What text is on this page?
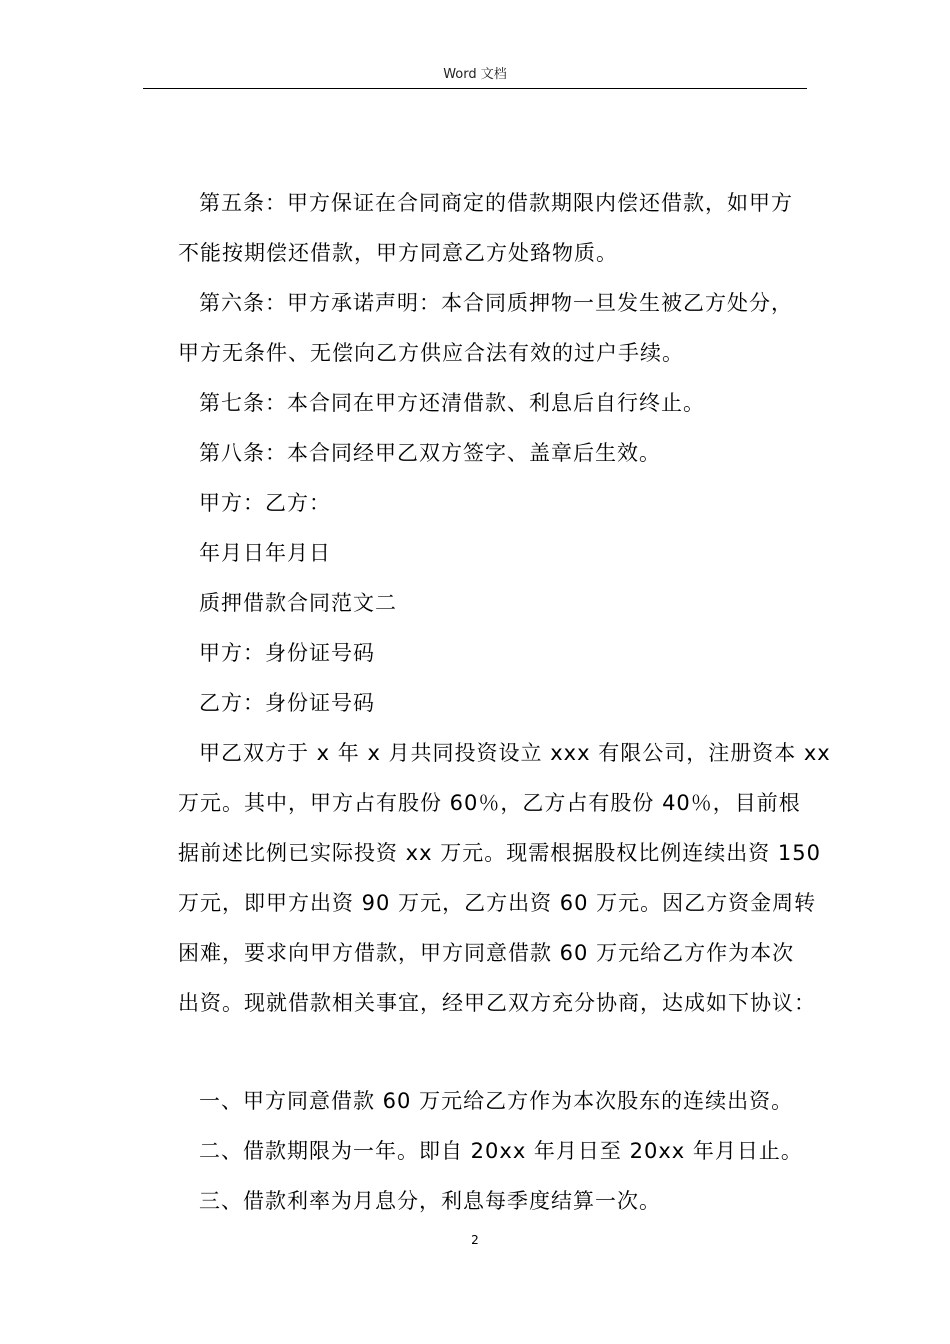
Word 文档

第五条：甲方保证在合同商定的借款期限内偿还借款，如甲方

不能按期偿还借款，甲方同意乙方处臵物质。

第六条：甲方承诺声明：本合同质押物一旦发生被乙方处分，

甲方无条件、无偿向乙方供应合法有效的过户手续。

第七条：本合同在甲方还清借款、利息后自行终止。

第八条：本合同经甲乙双方签字、盖章后生效。

甲方：乙方：

年月日年月日

质押借款合同范文二

甲方：身份证号码

乙方：身份证号码

甲乙双方于 x 年 x 月共同投资设立 xxx 有限公司，注册资本 xx

万元。其中，甲方占有股份 60％，乙方占有股份 40％，目前根

据前述比例已实际投资 xx 万元。现需根据股权比例连续出资 150

万元，即甲方出资 90 万元，乙方出资 60 万元。因乙方资金周转

困难，要求向甲方借款，甲方同意借款 60 万元给乙方作为本次

出资。现就借款相关事宜，经甲乙双方充分协商，达成如下协议：

一、甲方同意借款 60 万元给乙方作为本次股东的连续出资。

二、借款期限为一年。即自 20xx 年月日至 20xx 年月日止。

三、借款利率为月息分，利息每季度结算一次。

2
